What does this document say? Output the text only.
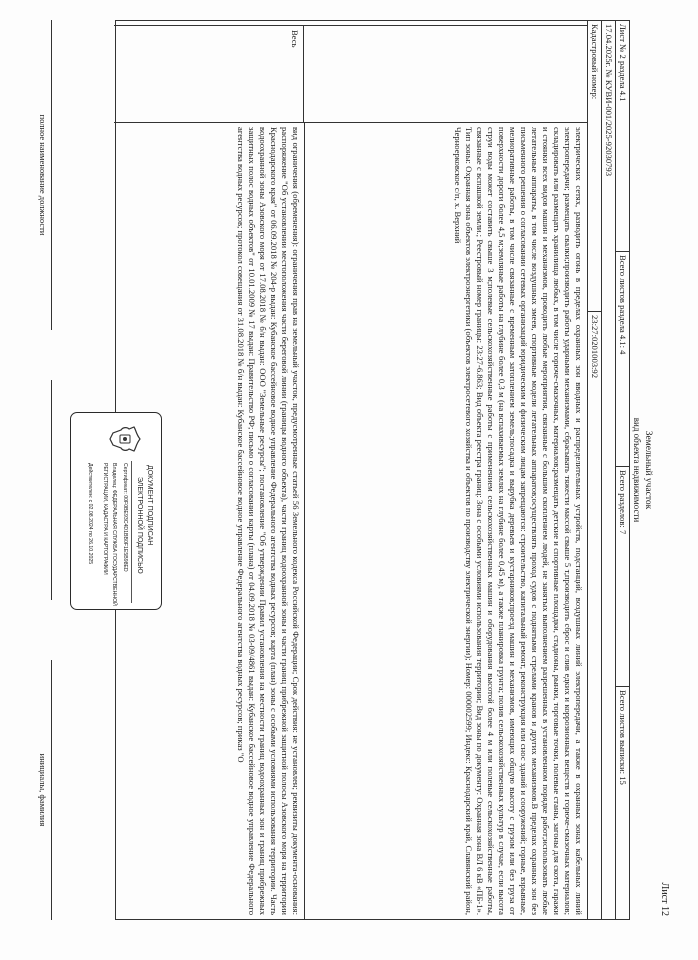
Лист 12
Земельный участок
вид объекта недвижимости
Лист № 2 раздела 4.1
Всего листов раздела 4.1: 4
Всего разделов: 7
Всего листов выписки: 15
17.04.2025г. № КУВИ-001/2025-92030793
Кадастровый номер:
23:27:0201003:92
электрических сетях, разводить огонь в пределах охранных зон вводных и распределительных устройств, подстанций, воздушных линий электропередачи, а также в охранных зонах кабельных линий электропередачи; размещать свалки;производить работы ударными механизмами, сбрасывать тяжести массой свыше 5 т,производить сброс и слив едких и коррозионных веществ и горюче-смазочных материалов; складировать или размещать хранилища любых, в том числе горюче-смазочных, материалов;размещать детские и спортивные площадки, стадионы, рынки, торговые точки, полевые станы, загоны для скота, гаражи и стоянки всех видов машин и механизмов, проводить любые мероприятия, связанные с большим скоплением людей, не занятых выполнением разрешенных в установленном порядке работ;использовать любые летательные аппараты, в том числе воздушных змеев, спортивные модели летательных аппаратов;осуществлять проход судов с поднятыми стрелами кранов и других механизмов.В пределах охранных зон без письменного решения о согласовании сетевых организаций юридическим и физическим лицам запрещаются: строительство, капитальный ремонт, реконструкция или снос зданий и сооружений; горные, взрывные, мелиоративные работы, в том числе связанные с временным затоплением земель;посадка и вырубка деревьев и кустарников;проезд машин и механизмов, имеющих общую высоту с грузом или без груза от поверхности дороги более 4,5 м;земляные работы на глубине более 0,3 м (на вспахиваемых землях на глубине более 0,45 м), а также планировка грунта; полив сельскохозяйственных культур в случае, если высота струи воды может составить свыше 3 м;полевые сельскохозяйственные работы с применением сельскохозяйственных машин и оборудования высотой более 4 м или полевые сельскохозяйственные работы, связанные с вспашкой земли.; Реестровый номер границы: 23:27-6.863; Вид объекта реестра границ: Зона с особыми условиями использования территории; Вид зоны по документу: Охранная зона ВЛ 6 кВ «ПБ-1». Тип зоны: Охранная зона объектов электроэнергетики (объектов электросетевого хозяйства и объектов по производству электрической энергии); Номер: 000002599; Индекс: Краснодарский край, Славянский район, Черноерковское с/п, х. Верхний
Весь
вид ограничения (обременения): ограничения прав на земельный участок, предусмотренные статьей 56 Земельного кодекса Российской Федерации; Срок действия: не установлен; реквизиты документа-основания: распоряжение "Об установлении местоположения части береговой линии (границы водного объекта), части границ водоохранной зоны и части границ прибрежной защитной полосы Азовского моря на территории Краснодарского края" от 06.09.2018 № 204-р выдан: Кубанское бассейновое водное управление Федерального агентства водных ресурсов; карта (план) зоны с особыми условиями использования территории. Часть водоохранной зоны Азовского моря от 17.08.2018 № б/н выдан: ООО "Земельные ресурсы"; постановление "Об утверждении Правил установления на местности границ водоохранных зон и границ прибрежных защитных полос водных объектов" от 10.01.2009 № 17 выдан: Правительство РФ; письмо о согласовании карты (плана) от 04.09.2018 № 03-09/4861 выдан: Кубанское бассейновое водное управление Федерального агентства водных ресурсов; протокол совещания от 31.08.2018 № б/н выдан: Кубанское бассейновое водное управление Федерального агентства водных ресурсов; приказ "О
ДОКУМЕНТ ПОДПИСАН
ЭЛЕКТРОННОЙ ПОДПИСЬЮ
Сертификат: 00F0BE93C4D1BB0F1E5B98ED
Владелец: ФЕДЕРАЛЬНАЯ СЛУЖБА ГОСУДАРСТВЕННОЙ
РЕГИСТРАЦИИ, КАДАСТРА И КАРТОГРАФИИ
Действителен: с 02.08.2024 по 26.10.2025
полное наименование должности
инициалы, фамилия
